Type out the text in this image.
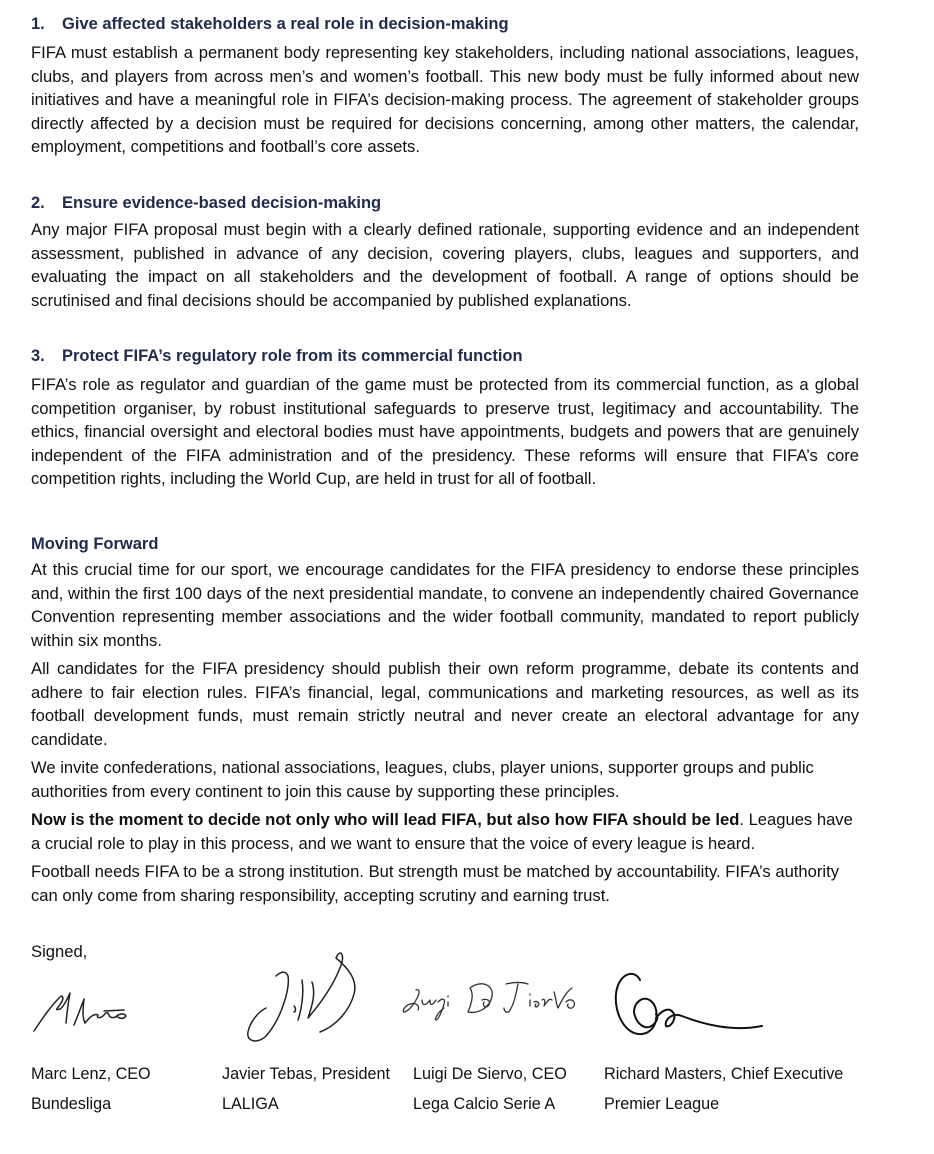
1. Give affected stakeholders a real role in decision-making

FIFA must establish a permanent body representing key stakeholders, including national associations, leagues, clubs, and players from across men’s and women’s football. This new body must be fully informed about new initiatives and have a meaningful role in FIFA’s decision-making process. The agreement of stakeholder groups directly affected by a decision must be required for decisions concerning, among other matters, the calendar, employment, competitions and football’s core assets.

2. Ensure evidence-based decision-making

Any major FIFA proposal must begin with a clearly defined rationale, supporting evidence and an independent assessment, published in advance of any decision, covering players, clubs, leagues and supporters, and evaluating the impact on all stakeholders and the development of football. A range of options should be scrutinised and final decisions should be accompanied by published explanations.

3. Protect FIFA’s regulatory role from its commercial function

FIFA’s role as regulator and guardian of the game must be protected from its commercial function, as a global competition organiser, by robust institutional safeguards to preserve trust, legitimacy and accountability. The ethics, financial oversight and electoral bodies must have appointments, budgets and powers that are genuinely independent of the FIFA administration and of the presidency. These reforms will ensure that FIFA’s core competition rights, including the World Cup, are held in trust for all of football.

Moving Forward

At this crucial time for our sport, we encourage candidates for the FIFA presidency to endorse these principles and, within the first 100 days of the next presidential mandate, to convene an independently chaired Governance Convention representing member associations and the wider football community, mandated to report publicly within six months.

All candidates for the FIFA presidency should publish their own reform programme, debate its contents and adhere to fair election rules. FIFA’s financial, legal, communications and marketing resources, as well as its football development funds, must remain strictly neutral and never create an electoral advantage for any candidate.

We invite confederations, national associations, leagues, clubs, player unions, supporter groups and public authorities from every continent to join this cause by supporting these principles.

Now is the moment to decide not only who will lead FIFA, but also how FIFA should be led. Leagues have a crucial role to play in this process, and we want to ensure that the voice of every league is heard.

Football needs FIFA to be a strong institution. But strength must be matched by accountability. FIFA’s authority can only come from sharing responsibility, accepting scrutiny and earning trust.

Signed,

Marc Lenz, CEO
Bundesliga
Javier Tebas, President
LALIGA
Luigi De Siervo, CEO
Lega Calcio Serie A
Richard Masters, Chief Executive
Premier League
